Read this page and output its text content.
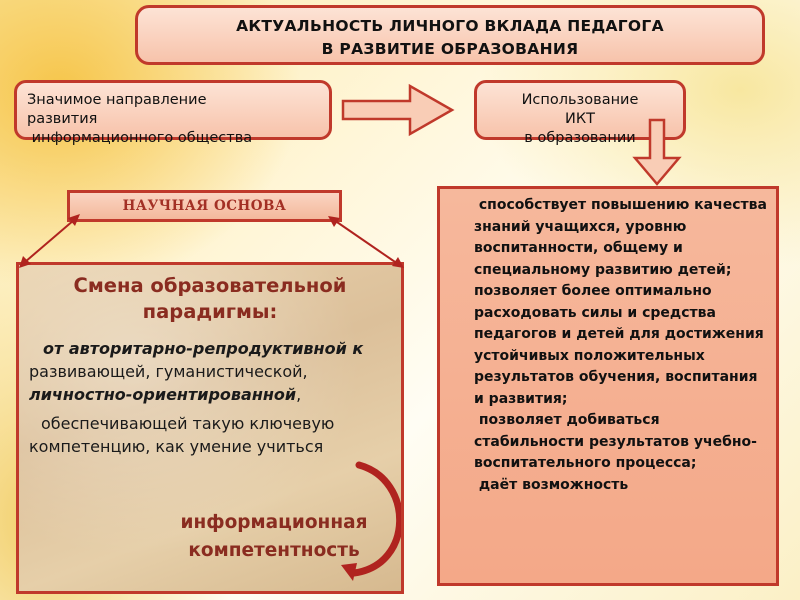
АКТУАЛЬНОСТЬ ЛИЧНОГО ВКЛАДА ПЕДАГОГА
В РАЗВИТИЕ ОБРАЗОВАНИЯ
Значимое направление
развития
информационного общества
Использование
ИКТ
в образовании
НАУЧНАЯ ОСНОВА
Смена образовательной
парадигмы:

от авторитарно-репродуктивной к развивающей, гуманистической, личностно-ориентированной,

обеспечивающей такую ключевую компетенцию, как умение учиться

информационная
компетентность
способствует повышению качества знаний учащихся, уровню воспитанности, общему и специальному развитию детей;
позволяет более оптимально расходовать силы и средства педагогов и детей для достижения устойчивых положительных результатов обучения, воспитания и развития;
позволяет добиваться стабильности результатов учебно-воспитательного процесса;
даёт возможность
